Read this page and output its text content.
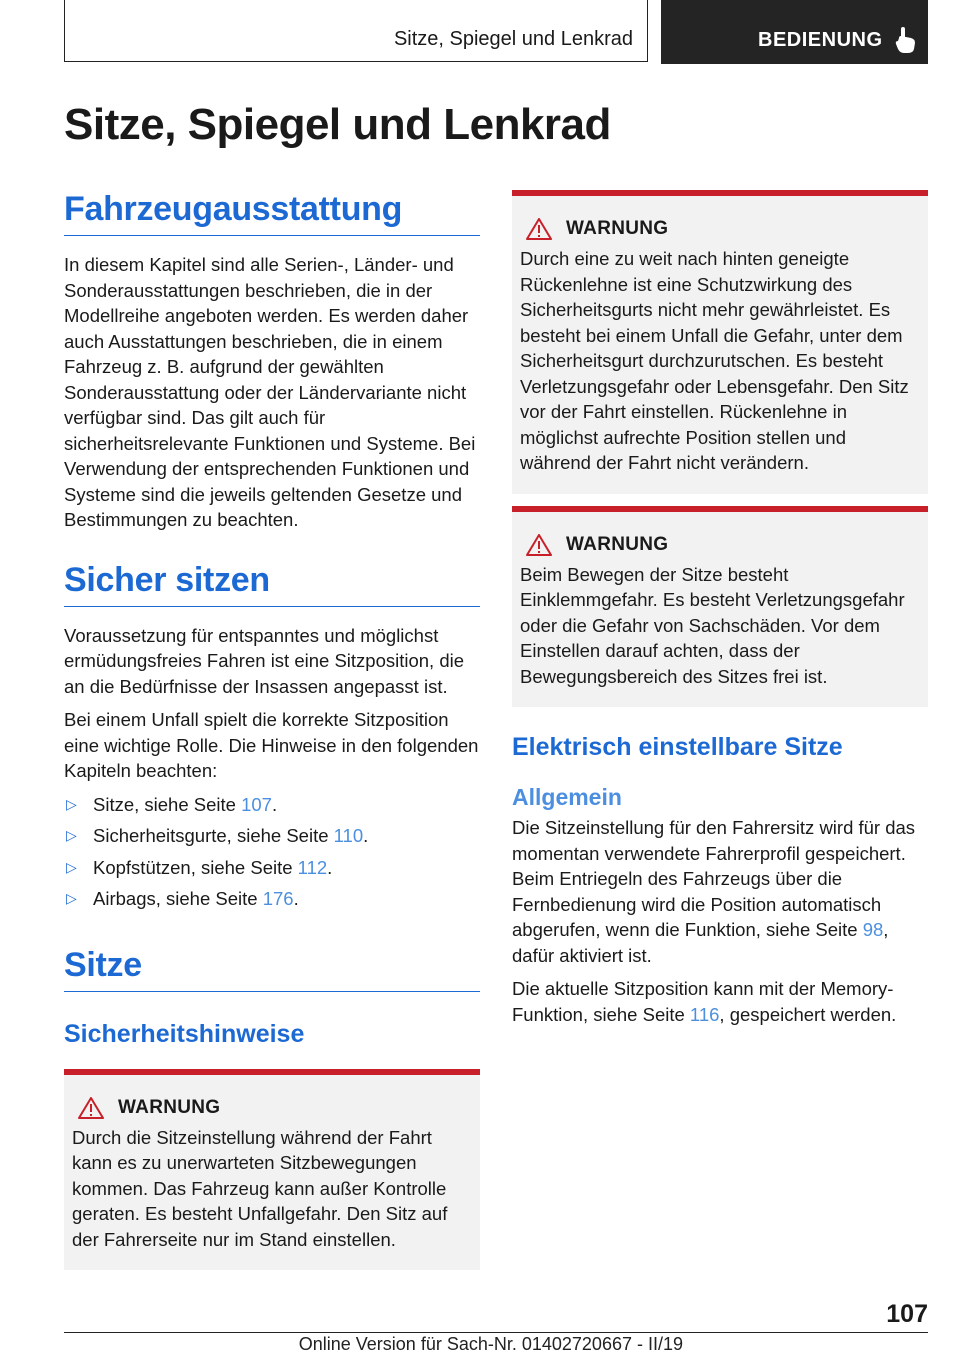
Sitze, Spiegel und Lenkrad	BEDIENUNG
Sitze, Spiegel und Lenkrad
Fahrzeugausstattung

In diesem Kapitel sind alle Serien-, Länder- und Sonderausstattungen beschrieben, die in der Modellreihe angeboten werden. Es werden daher auch Ausstattungen beschrieben, die in einem Fahrzeug z. B. aufgrund der gewählten Sonderausstattung oder der Ländervariante nicht verfügbar sind. Das gilt auch für sicherheitsrelevante Funktionen und Systeme. Bei Verwendung der entsprechenden Funktionen und Systeme sind die jeweils geltenden Gesetze und Bestimmungen zu beachten.

Sicher sitzen

Voraussetzung für entspanntes und möglichst ermüdungsfreies Fahren ist eine Sitzposition, die an die Bedürfnisse der Insassen angepasst ist.

Bei einem Unfall spielt die korrekte Sitzposition eine wichtige Rolle. Die Hinweise in den folgenden Kapiteln beachten:

▷ Sitze, siehe Seite 107.
▷ Sicherheitsgurte, siehe Seite 110.
▷ Kopfstützen, siehe Seite 112.
▷ Airbags, siehe Seite 176.
Sitze
Sicherheitshinweise
WARNUNG

Durch die Sitzeinstellung während der Fahrt kann es zu unerwarteten Sitzbewegungen kommen. Das Fahrzeug kann außer Kontrolle geraten. Es besteht Unfallgefahr. Den Sitz auf der Fahrerseite nur im Stand einstellen.

WARNUNG

Durch eine zu weit nach hinten geneigte Rückenlehne ist eine Schutzwirkung des Sicherheitsgurts nicht mehr gewährleistet. Es besteht bei einem Unfall die Gefahr, unter dem Sicherheitsgurt durchzurutschen. Es besteht Verletzungsgefahr oder Lebensgefahr. Den Sitz vor der Fahrt einstellen. Rückenlehne in möglichst aufrechte Position stellen und während der Fahrt nicht verändern.

WARNUNG

Beim Bewegen der Sitze besteht Einklemmgefahr. Es besteht Verletzungsgefahr oder die Gefahr von Sachschäden. Vor dem Einstellen darauf achten, dass der Bewegungsbereich des Sitzes frei ist.

Elektrisch einstellbare Sitze
Allgemein

Die Sitzeinstellung für den Fahrersitz wird für das momentan verwendete Fahrerprofil gespeichert. Beim Entriegeln des Fahrzeugs über die Fernbedienung wird die Position automatisch abgerufen, wenn die Funktion, siehe Seite 98, dafür aktiviert ist.

Die aktuelle Sitzposition kann mit der Memory-Funktion, siehe Seite 116, gespeichert werden.

107
Online Version für Sach-Nr. 01402720667 - II/19
